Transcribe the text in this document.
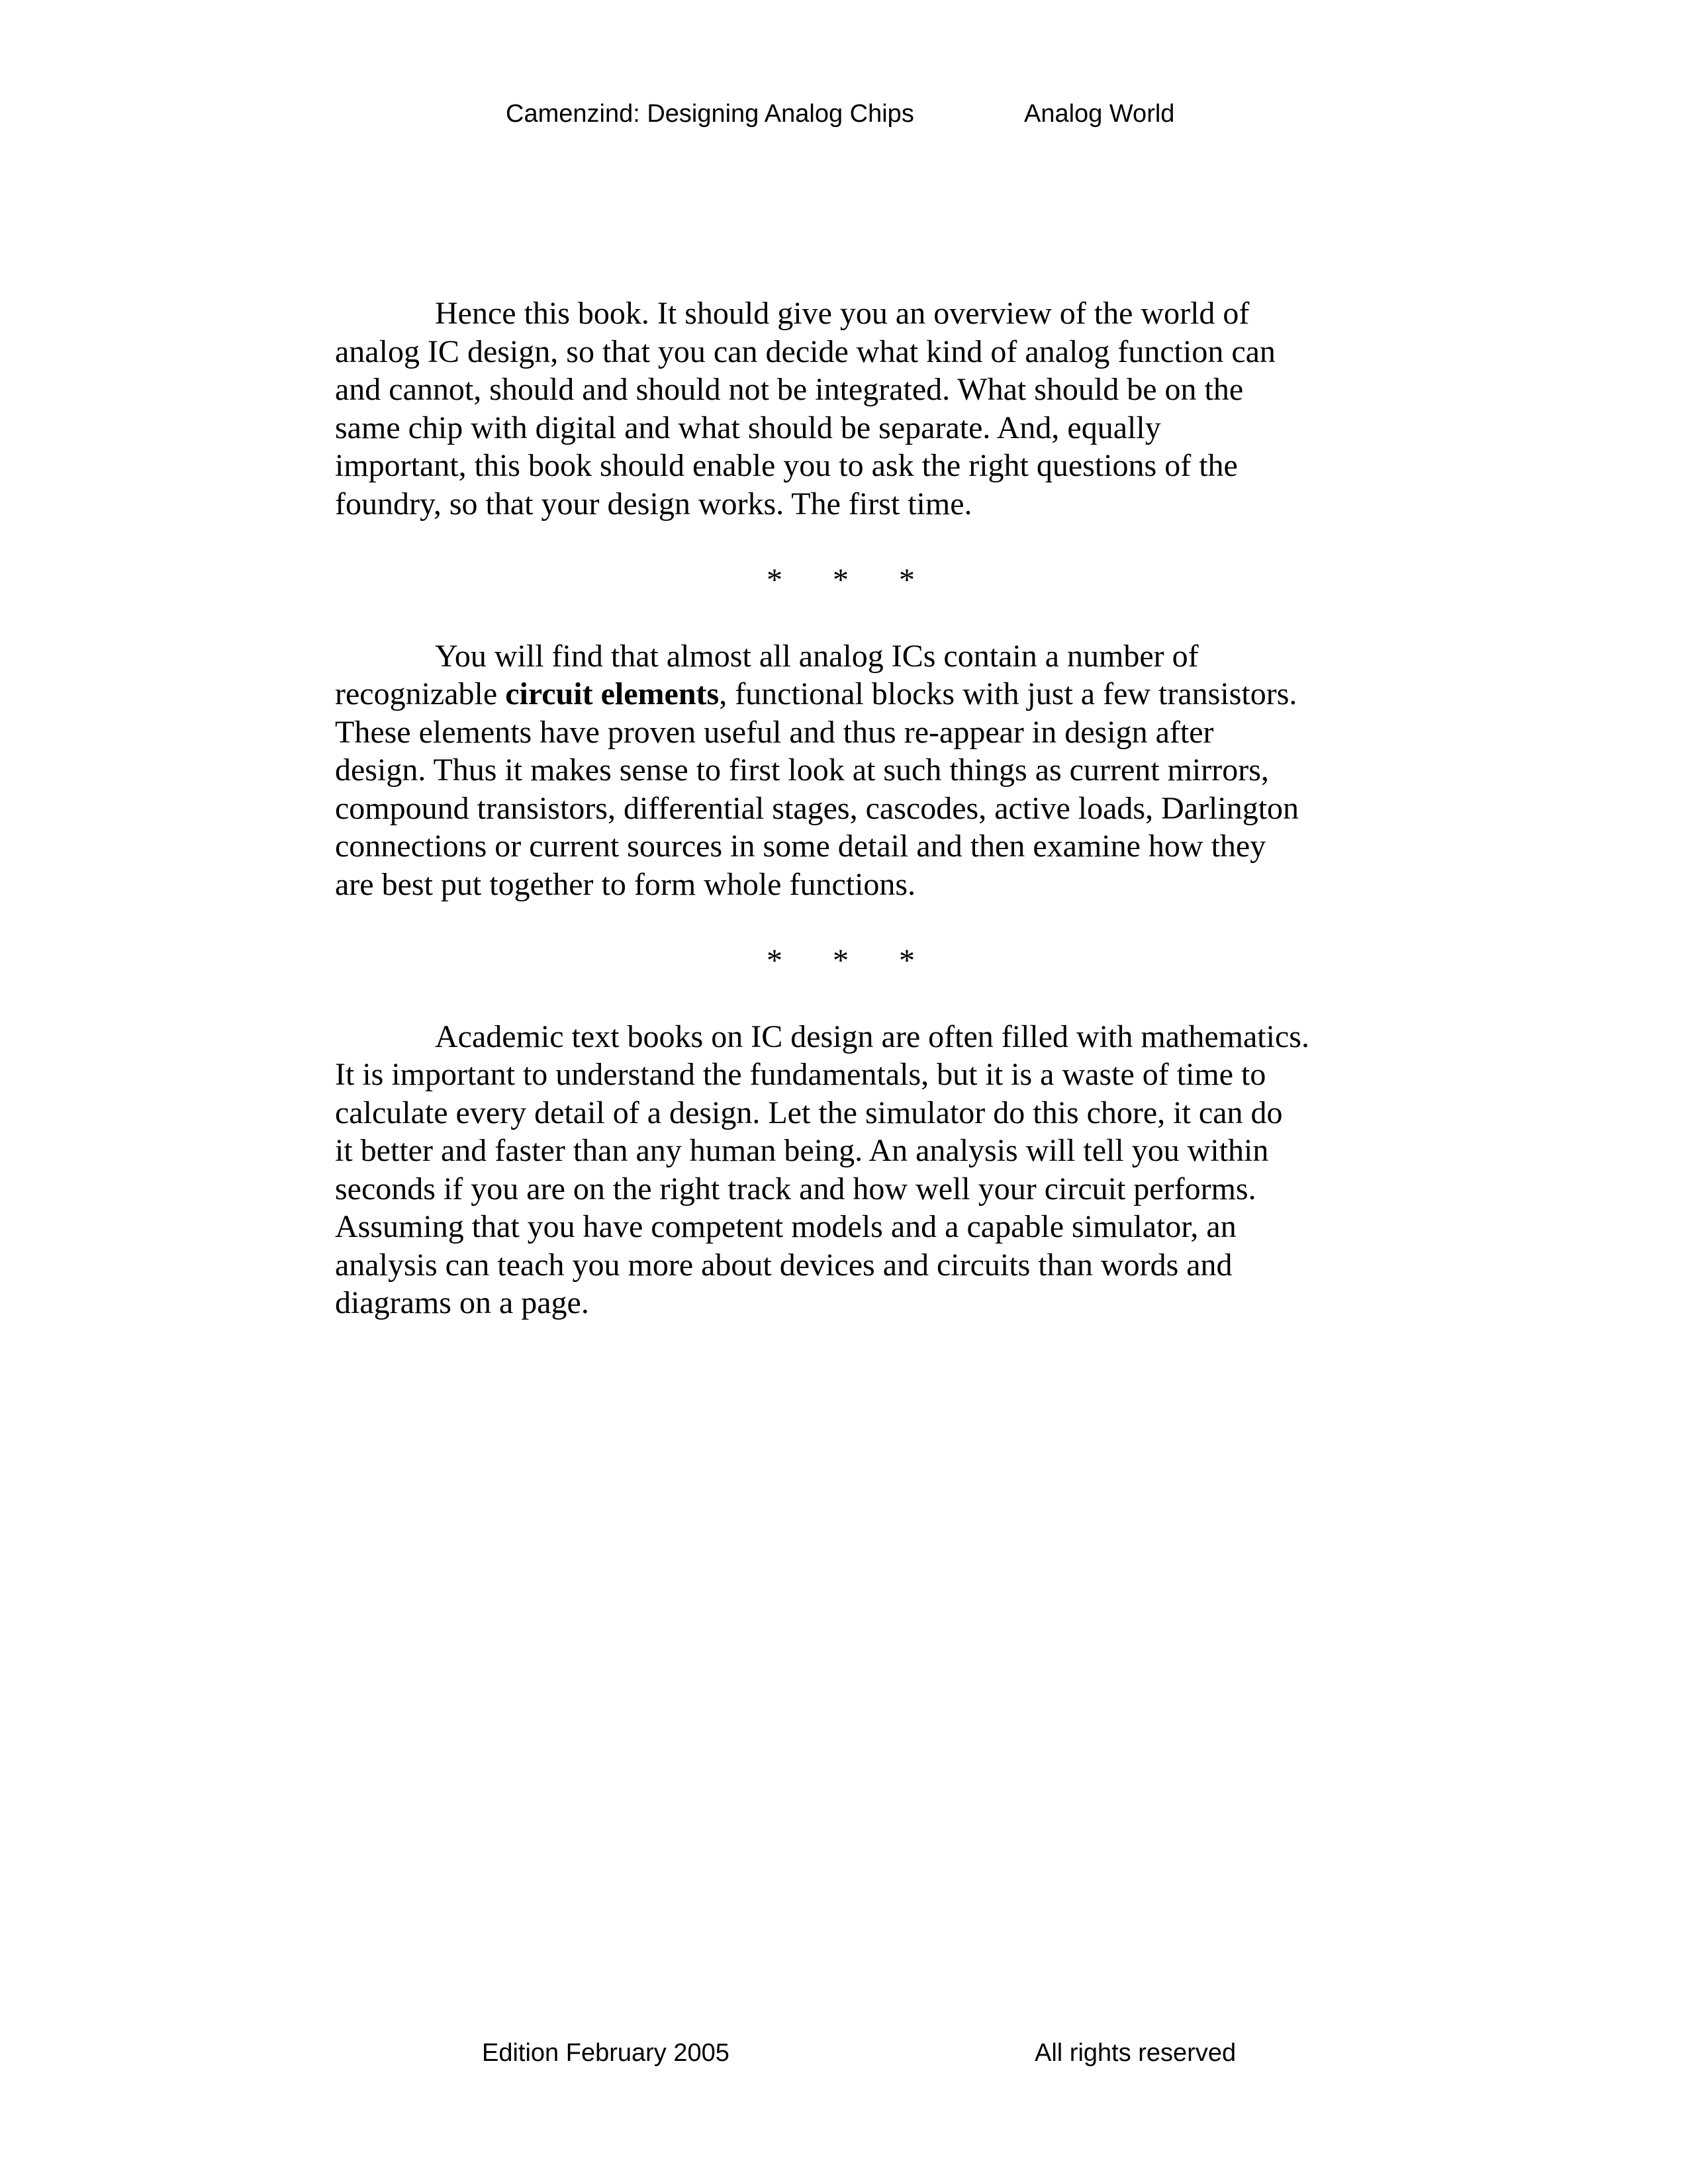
Camenzind: Designing Analog Chips	Analog World

Hence this book. It should give you an overview of the world of
analog IC design, so that you can decide what kind of analog function can
and cannot, should and should not be integrated. What should be on the
same chip with digital and what should be separate. And, equally
important, this book should enable you to ask the right questions of the
foundry, so that your design works. The first time.

* * *

You will find that almost all analog ICs contain a number of
recognizable circuit elements, functional blocks with just a few transistors.
These elements have proven useful and thus re-appear in design after
design. Thus it makes sense to first look at such things as current mirrors,
compound transistors, differential stages, cascodes, active loads, Darlington
connections or current sources in some detail and then examine how they
are best put together to form whole functions.

* * *

Academic text books on IC design are often filled with mathematics.
It is important to understand the fundamentals, but it is a waste of time to
calculate every detail of a design. Let the simulator do this chore, it can do
it better and faster than any human being. An analysis will tell you within
seconds if you are on the right track and how well your circuit performs.
Assuming that you have competent models and a capable simulator, an
analysis can teach you more about devices and circuits than words and
diagrams on a page.

Edition February 2005	All rights reserved
